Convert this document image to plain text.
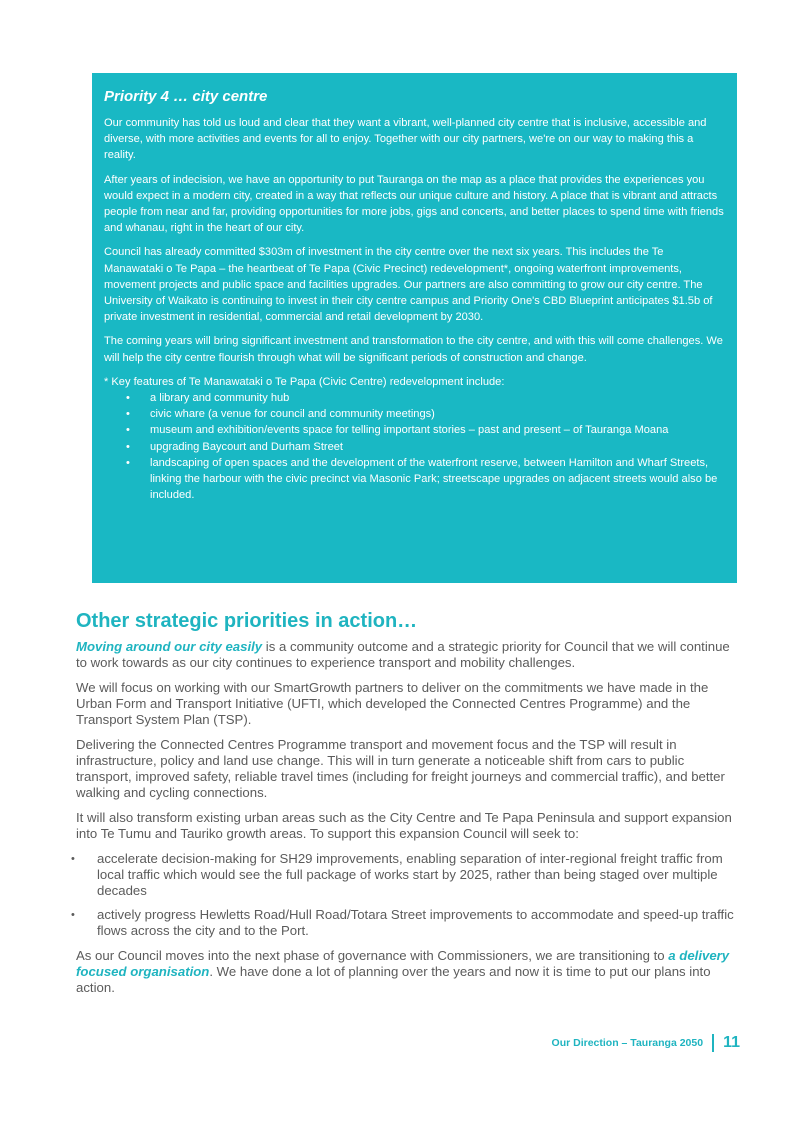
Priority 4 … city centre

Our community has told us loud and clear that they want a vibrant, well-planned city centre that is inclusive, accessible and diverse, with more activities and events for all to enjoy. Together with our city partners, we're on our way to making this a reality.

After years of indecision, we have an opportunity to put Tauranga on the map as a place that provides the experiences you would expect in a modern city, created in a way that reflects our unique culture and history. A place that is vibrant and attracts people from near and far, providing opportunities for more jobs, gigs and concerts, and better places to spend time with friends and whanau, right in the heart of our city.

Council has already committed $303m of investment in the city centre over the next six years. This includes the Te Manawataki o Te Papa – the heartbeat of Te Papa (Civic Precinct) redevelopment*, ongoing waterfront improvements, movement projects and public space and facilities upgrades. Our partners are also committing to grow our city centre. The University of Waikato is continuing to invest in their city centre campus and Priority One's CBD Blueprint anticipates $1.5b of private investment in residential, commercial and retail development by 2030.

The coming years will bring significant investment and transformation to the city centre, and with this will come challenges. We will help the city centre flourish through what will be significant periods of construction and change.

* Key features of Te Manawataki o Te Papa (Civic Centre) redevelopment include:
• a library and community hub
• civic whare (a venue for council and community meetings)
• museum and exhibition/events space for telling important stories – past and present – of Tauranga Moana
• upgrading Baycourt and Durham Street
• landscaping of open spaces and the development of the waterfront reserve, between Hamilton and Wharf Streets, linking the harbour with the civic precinct via Masonic Park; streetscape upgrades on adjacent streets would also be included.
Other strategic priorities in action…

Moving around our city easily is a community outcome and a strategic priority for Council that we will continue to work towards as our city continues to experience transport and mobility challenges.

We will focus on working with our SmartGrowth partners to deliver on the commitments we have made in the Urban Form and Transport Initiative (UFTI, which developed the Connected Centres Programme) and the Transport System Plan (TSP).

Delivering the Connected Centres Programme transport and movement focus and the TSP will result in infrastructure, policy and land use change. This will in turn generate a noticeable shift from cars to public transport, improved safety, reliable travel times (including for freight journeys and commercial traffic), and better walking and cycling connections.

It will also transform existing urban areas such as the City Centre and Te Papa Peninsula and support expansion into Te Tumu and Tauriko growth areas. To support this expansion Council will seek to:

• accelerate decision-making for SH29 improvements, enabling separation of inter-regional freight traffic from local traffic which would see the full package of works start by 2025, rather than being staged over multiple decades
• actively progress Hewletts Road/Hull Road/Totara Street improvements to accommodate and speed-up traffic flows across the city and to the Port.

As our Council moves into the next phase of governance with Commissioners, we are transitioning to a delivery focused organisation. We have done a lot of planning over the years and now it is time to put our plans into action.

Our Direction – Tauranga 2050 11
